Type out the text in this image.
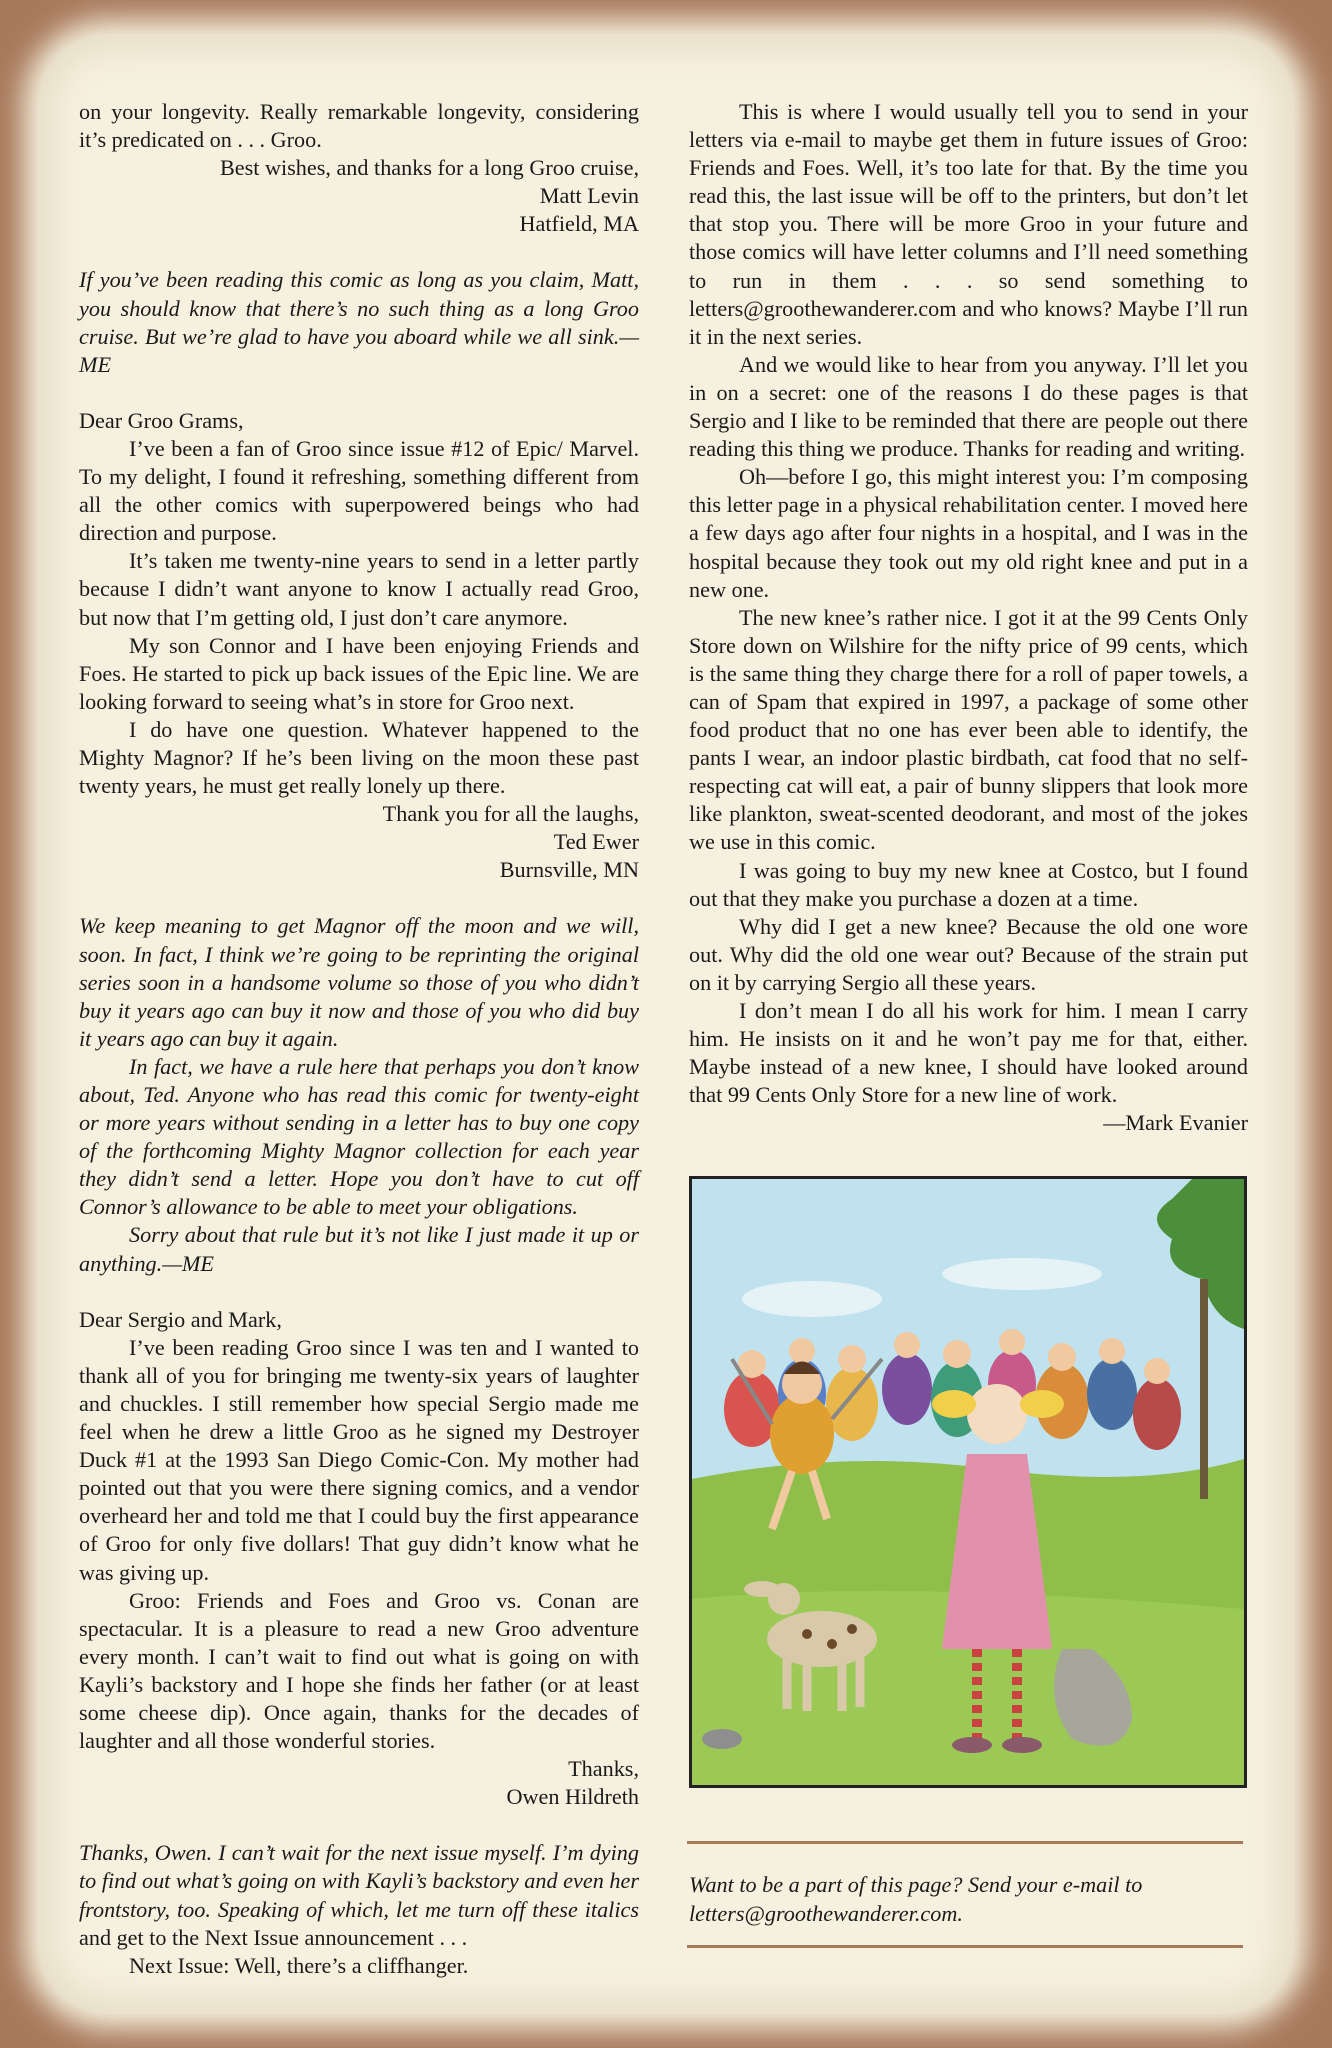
on your longevity. Really remarkable longevity, considering it’s predicated on . . . Groo.

Best wishes, and thanks for a long Groo cruise,

Matt Levin

Hatfield, MA

If you’ve been reading this comic as long as you claim, Matt, you should know that there’s no such thing as a long Groo cruise. But we’re glad to have you aboard while we all sink.—ME

Dear Groo Grams,

I’ve been a fan of Groo since issue #12 of Epic/ Marvel. To my delight, I found it refreshing, something different from all the other comics with superpowered beings who had direction and purpose.

It’s taken me twenty-nine years to send in a letter partly because I didn’t want anyone to know I actually read Groo, but now that I’m getting old, I just don’t care anymore.

My son Connor and I have been enjoying Friends and Foes. He started to pick up back issues of the Epic line. We are looking forward to seeing what’s in store for Groo next.

I do have one question. Whatever happened to the Mighty Magnor? If he’s been living on the moon these past twenty years, he must get really lonely up there.

Thank you for all the laughs,

Ted Ewer

Burnsville, MN

We keep meaning to get Magnor off the moon and we will, soon. In fact, I think we’re going to be reprinting the original series soon in a handsome volume so those of you who didn’t buy it years ago can buy it now and those of you who did buy it years ago can buy it again.

In fact, we have a rule here that perhaps you don’t know about, Ted. Anyone who has read this comic for twenty-eight or more years without sending in a letter has to buy one copy of the forthcoming Mighty Magnor collection for each year they didn’t send a letter. Hope you don’t have to cut off Connor’s allowance to be able to meet your obligations.

Sorry about that rule but it’s not like I just made it up or anything.—ME

Dear Sergio and Mark,

I’ve been reading Groo since I was ten and I wanted to thank all of you for bringing me twenty-six years of laughter and chuckles. I still remember how special Sergio made me feel when he drew a little Groo as he signed my Destroyer Duck #1 at the 1993 San Diego Comic-Con. My mother had pointed out that you were there signing comics, and a vendor overheard her and told me that I could buy the first appearance of Groo for only five dollars! That guy didn’t know what he was giving up.

Groo: Friends and Foes and Groo vs. Conan are spectacular. It is a pleasure to read a new Groo adventure every month. I can’t wait to find out what is going on with Kayli’s backstory and I hope she finds her father (or at least some cheese dip). Once again, thanks for the decades of laughter and all those wonderful stories.

Thanks,

Owen Hildreth

Thanks, Owen. I can’t wait for the next issue myself. I’m dying to find out what’s going on with Kayli’s backstory and even her frontstory, too. Speaking of which, let me turn off these italics and get to the Next Issue announcement . . .

Next Issue: Well, there’s a cliffhanger.

This is where I would usually tell you to send in your letters via e-mail to maybe get them in future issues of Groo: Friends and Foes. Well, it’s too late for that. By the time you read this, the last issue will be off to the printers, but don’t let that stop you. There will be more Groo in your future and those comics will have letter columns and I’ll need something to run in them . . . so send something to letters@groothewanderer.com and who knows? Maybe I’ll run it in the next series.

And we would like to hear from you anyway. I’ll let you in on a secret: one of the reasons I do these pages is that Sergio and I like to be reminded that there are people out there reading this thing we produce. Thanks for reading and writing.

Oh—before I go, this might interest you: I’m composing this letter page in a physical rehabilitation center. I moved here a few days ago after four nights in a hospital, and I was in the hospital because they took out my old right knee and put in a new one.

The new knee’s rather nice. I got it at the 99 Cents Only Store down on Wilshire for the nifty price of 99 cents, which is the same thing they charge there for a roll of paper towels, a can of Spam that expired in 1997, a package of some other food product that no one has ever been able to identify, the pants I wear, an indoor plastic birdbath, cat food that no self-respecting cat will eat, a pair of bunny slippers that look more like plankton, sweat-scented deodorant, and most of the jokes we use in this comic.

I was going to buy my new knee at Costco, but I found out that they make you purchase a dozen at a time.

Why did I get a new knee? Because the old one wore out. Why did the old one wear out? Because of the strain put on it by carrying Sergio all these years.

I don’t mean I do all his work for him. I mean I carry him. He insists on it and he won’t pay me for that, either. Maybe instead of a new knee, I should have looked around that 99 Cents Only Store for a new line of work.

—Mark Evanier

Want to be a part of this page? Send your e-mail to letters@groothewanderer.com.
